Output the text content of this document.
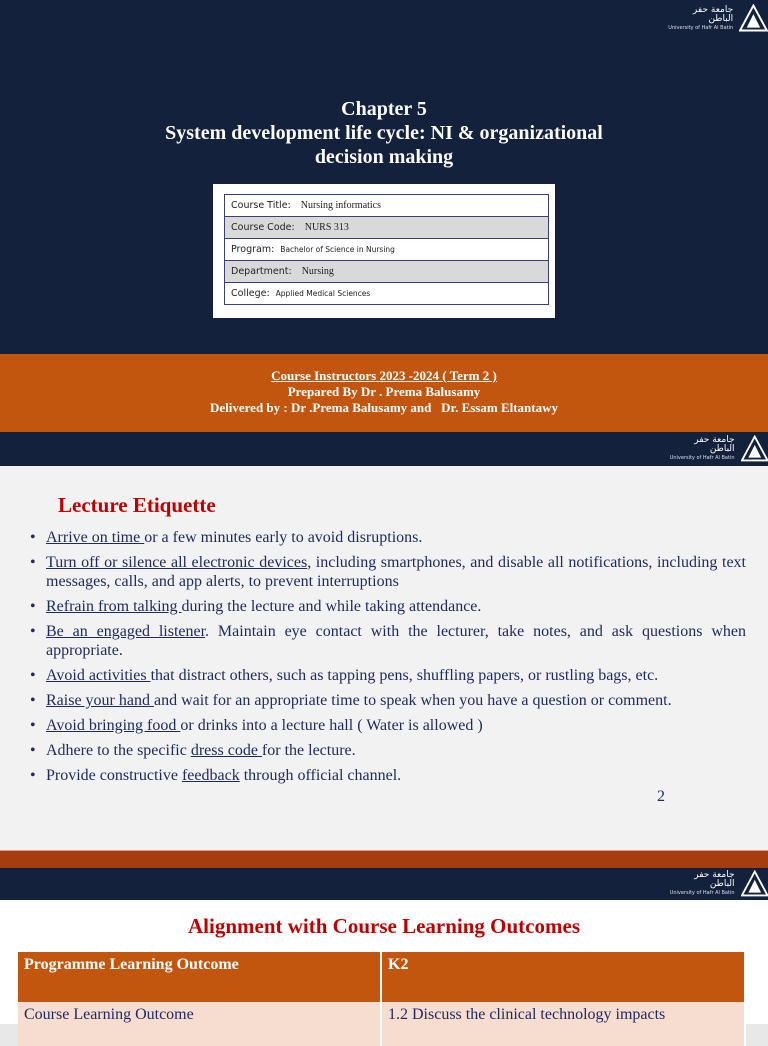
جامعة حفر الباطن
University of Hafr Al Batin
Chapter 5
System development life cycle: NI & organizational
decision making
Course Title: Nursing informatics
Course Code: NURS 313
Program: Bachelor of Science in Nursing
Department: Nursing
College: Applied Medical Sciences
Course Instructors 2023 -2024 ( Term 2 )
Prepared By Dr . Prema Balusamy
Delivered by : Dr .Prema Balusamy and   Dr. Essam Eltantawy
جامعة حفر الباطن
University of Hafr Al Batin
Lecture Etiquette
• Arrive on time or a few minutes early to avoid disruptions.
• Turn off or silence all electronic devices, including smartphones, and disable all notifications, including text messages, calls, and app alerts, to prevent interruptions
• Refrain from talking during the lecture and while taking attendance.
• Be an engaged listener. Maintain eye contact with the lecturer, take notes, and ask questions when appropriate.
• Avoid activities that distract others, such as tapping pens, shuffling papers, or rustling bags, etc.
• Raise your hand and wait for an appropriate time to speak when you have a question or comment.
• Avoid bringing food or drinks into a lecture hall ( Water is allowed )
• Adhere to the specific dress code for the lecture.
• Provide constructive feedback through official channel.
2
جامعة حفر الباطن
University of Hafr Al Batin
Alignment with Course Learning Outcomes
Programme Learning Outcome	K2
Course Learning Outcome	1.2 Discuss the clinical technology impacts
